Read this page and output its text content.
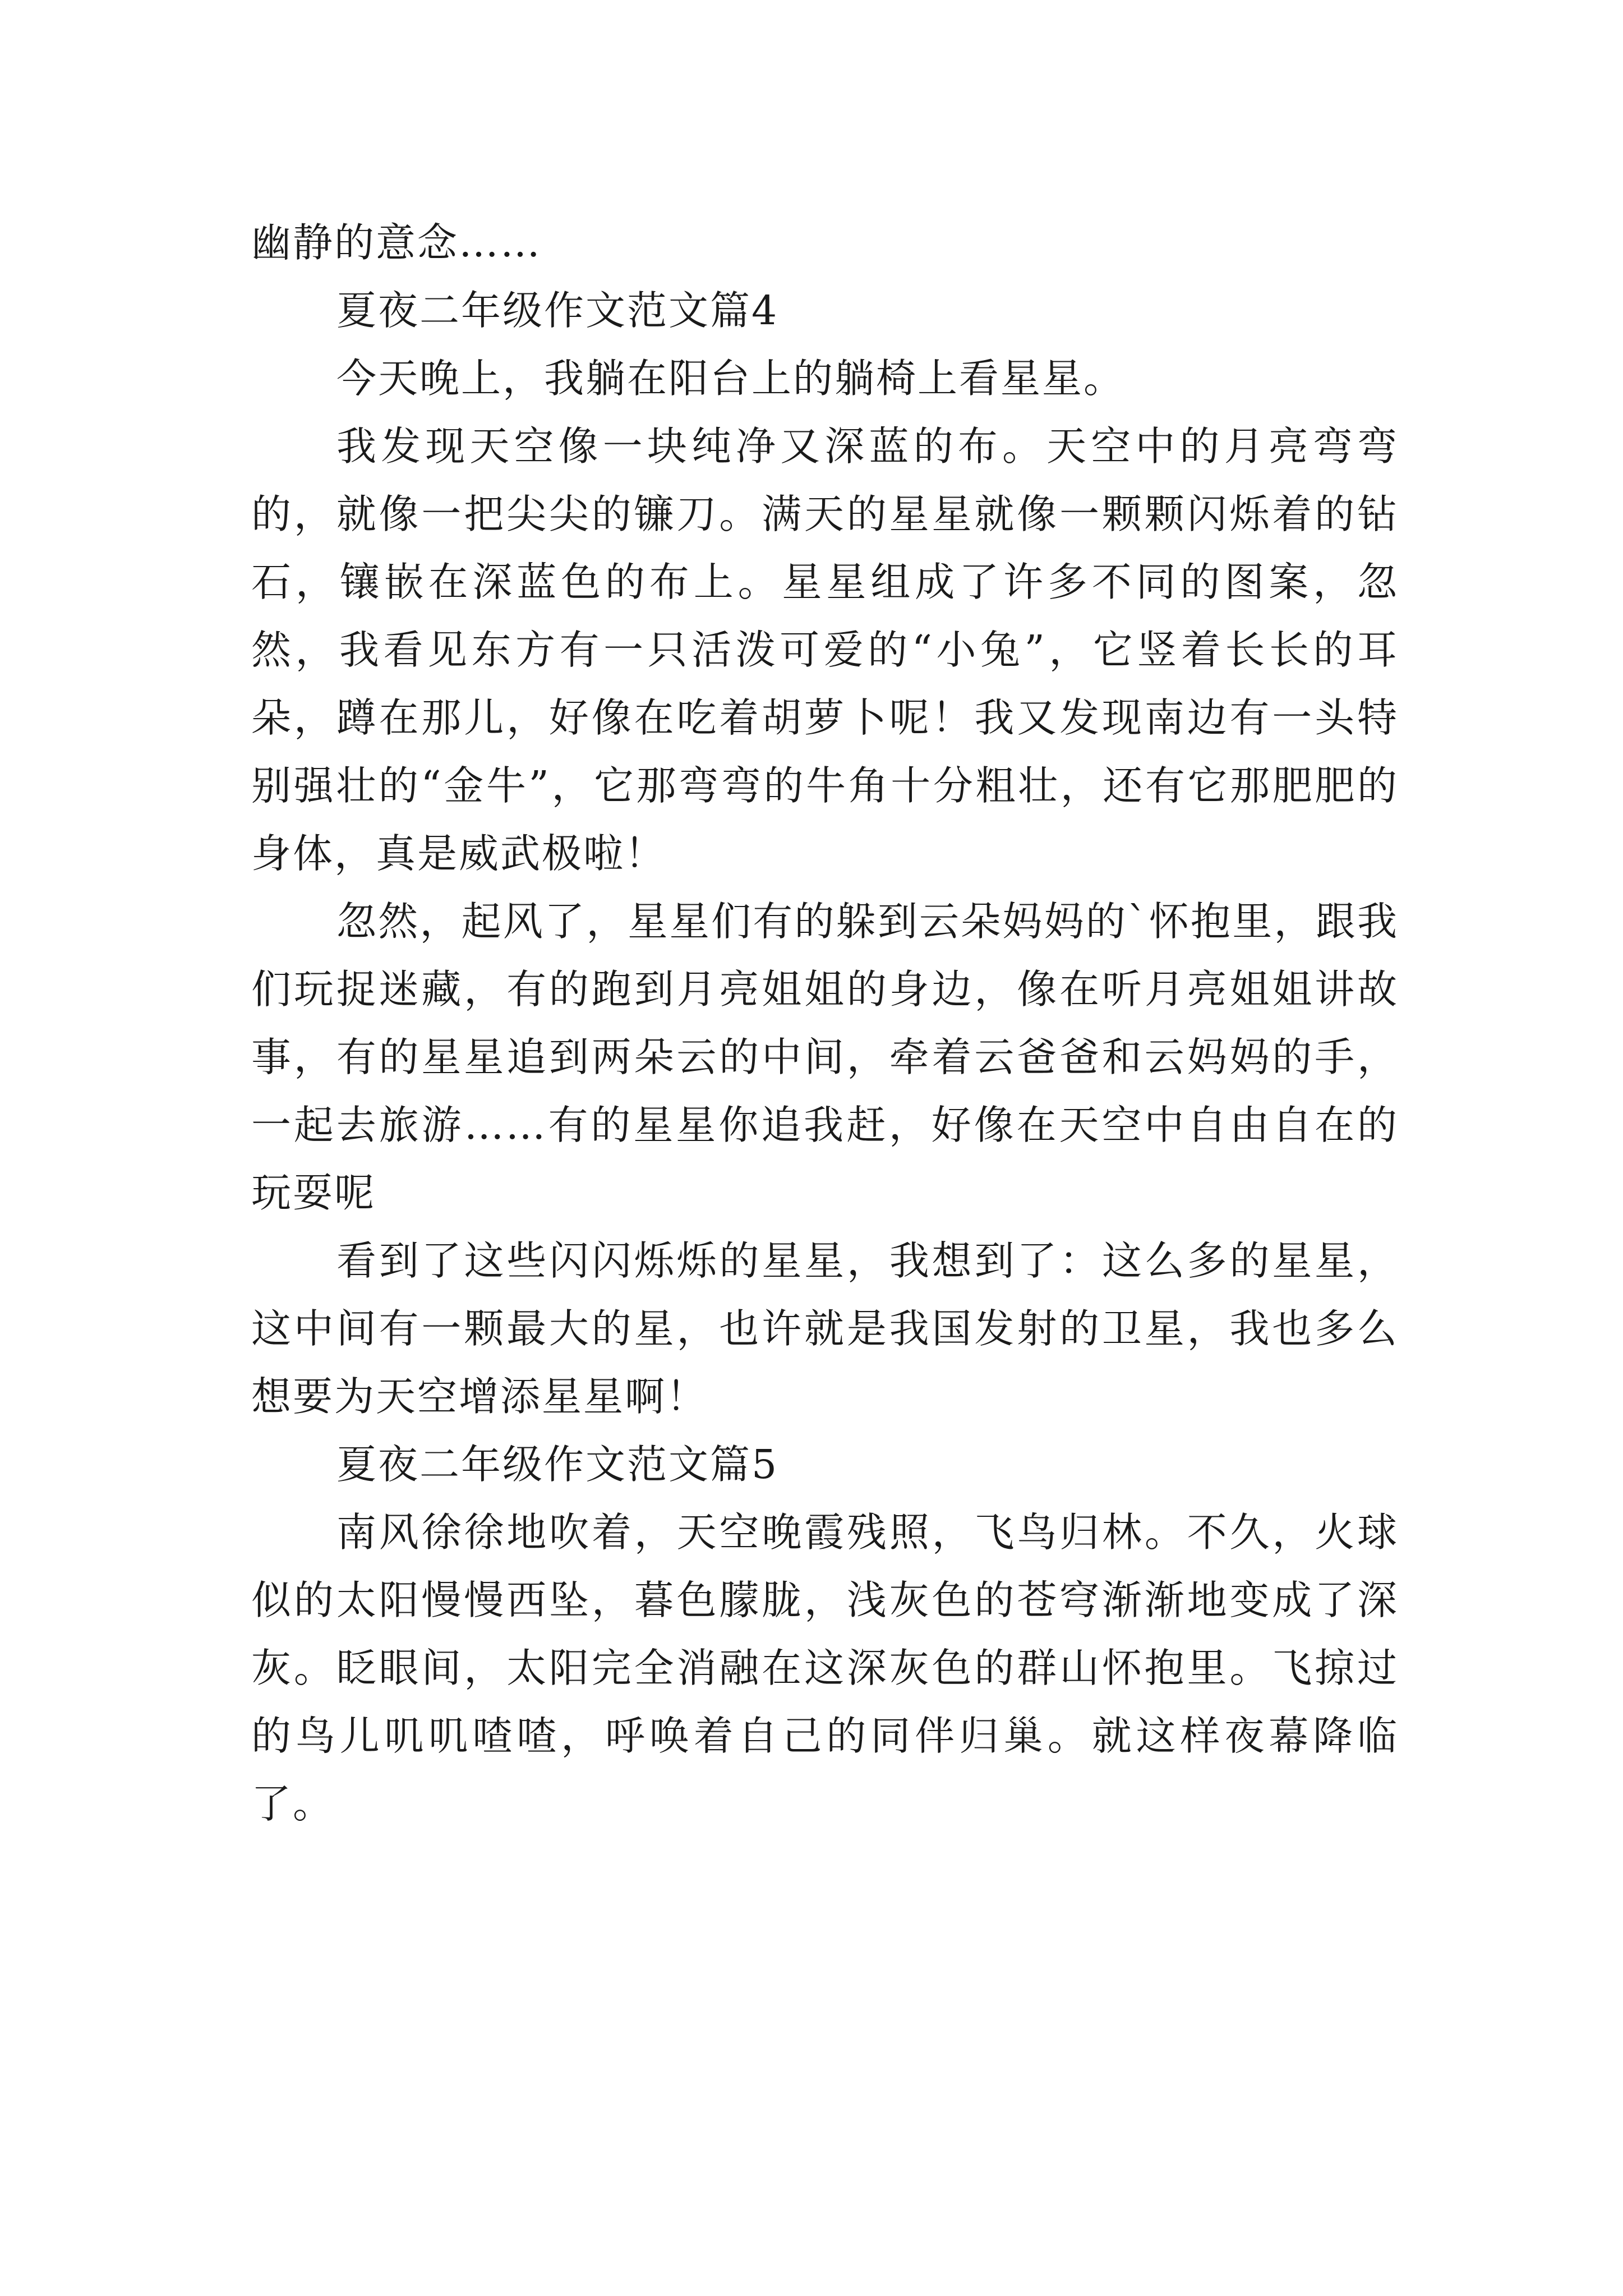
幽静的意念……

夏夜二年级作文范文篇4

今天晚上，我躺在阳台上的躺椅上看星星。

我发现天空像一块纯净又深蓝的布。天空中的月亮弯弯的，就像一把尖尖的镰刀。满天的星星就像一颗颗闪烁着的钻石，镶嵌在深蓝色的布上。星星组成了许多不同的图案，忽然，我看见东方有一只活泼可爱的“小兔”，它竖着长长的耳朵，蹲在那儿，好像在吃着胡萝卜呢！我又发现南边有一头特别强壮的“金牛”，它那弯弯的牛角十分粗壮，还有它那肥肥的身体，真是威武极啦！

忽然，起风了，星星们有的躲到云朵妈妈的`怀抱里，跟我们玩捉迷藏，有的跑到月亮姐姐的身边，像在听月亮姐姐讲故事，有的星星追到两朵云的中间，牵着云爸爸和云妈妈的手，一起去旅游……有的星星你追我赶，好像在天空中自由自在的玩耍呢

看到了这些闪闪烁烁的星星，我想到了：这么多的星星，这中间有一颗最大的星，也许就是我国发射的卫星，我也多么想要为天空增添星星啊！

夏夜二年级作文范文篇5

南风徐徐地吹着，天空晚霞残照，飞鸟归林。不久，火球似的太阳慢慢西坠，暮色朦胧，浅灰色的苍穹渐渐地变成了深灰。眨眼间，太阳完全消融在这深灰色的群山怀抱里。飞掠过的鸟儿叽叽喳喳，呼唤着自己的同伴归巢。就这样夜幕降临了。
